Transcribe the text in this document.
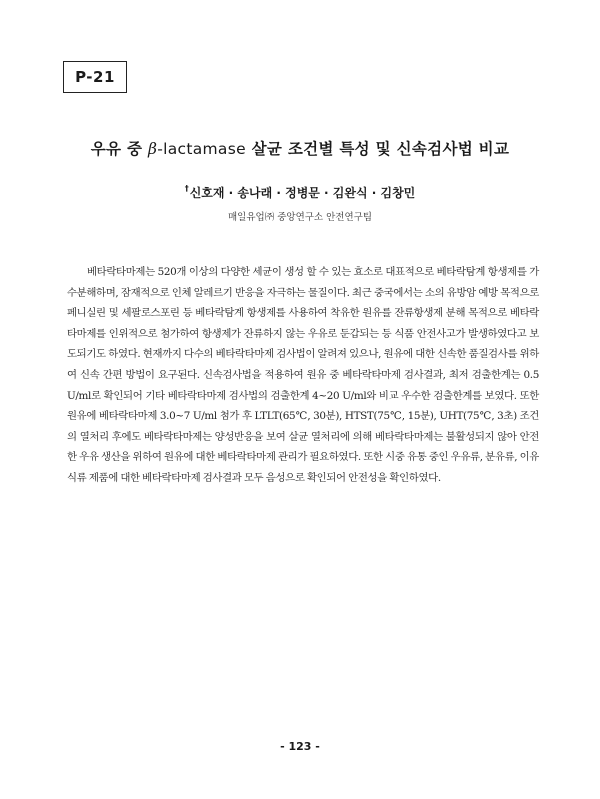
P-21
우유 중 β-lactamase 살균 조건별 특성 및 신속검사법 비교
†신호재 · 송나래 · 정병문 · 김완식 · 김창민
매일유업㈜ 중앙연구소 안전연구팀

베타락타마제는 520개 이상의 다양한 세균이 생성 할 수 있는 효소로 대표적으로 베타락탐계 항생제를 가수분해하며, 잠재적으로 인체 알레르기 반응을 자극하는 물질이다. 최근 중국에서는 소의 유방암 예방 목적으로 페니실린 및 세팔로스포린 등 베타락탐계 항생제를 사용하여 착유한 원유를 잔류항생제 분해 목적으로 베타락타마제를 인위적으로 첨가하여 항생제가 잔류하지 않는 우유로 둔갑되는 등 식품 안전사고가 발생하였다고 보도되기도 하였다. 현재까지 다수의 베타락타마제 검사법이 알려져 있으나, 원유에 대한 신속한 품질검사를 위하여 신속 간편 방법이 요구된다. 신속검사법을 적용하여 원유 중 베타락타마제 검사결과, 최저 검출한계는 0.5 U/ml로 확인되어 기타 베타락타마제 검사법의 검출한계 4~20 U/ml와 비교 우수한 검출한계를 보였다. 또한 원유에 베타락타마제 3.0~7 U/ml 첨가 후 LTLT(65℃, 30분), HTST(75℃, 15분), UHT(75℃, 3초) 조건의 열처리 후에도 베타락타마제는 양성반응을 보여 살균 열처리에 의해 베타락타마제는 불활성되지 않아 안전한 우유 생산을 위하여 원유에 대한 베타락타마제 관리가 필요하였다. 또한 시중 유통 중인 우유류, 분유류, 이유식류 제품에 대한 베타락타마제 검사결과 모두 음성으로 확인되어 안전성을 확인하였다.

- 123 -
